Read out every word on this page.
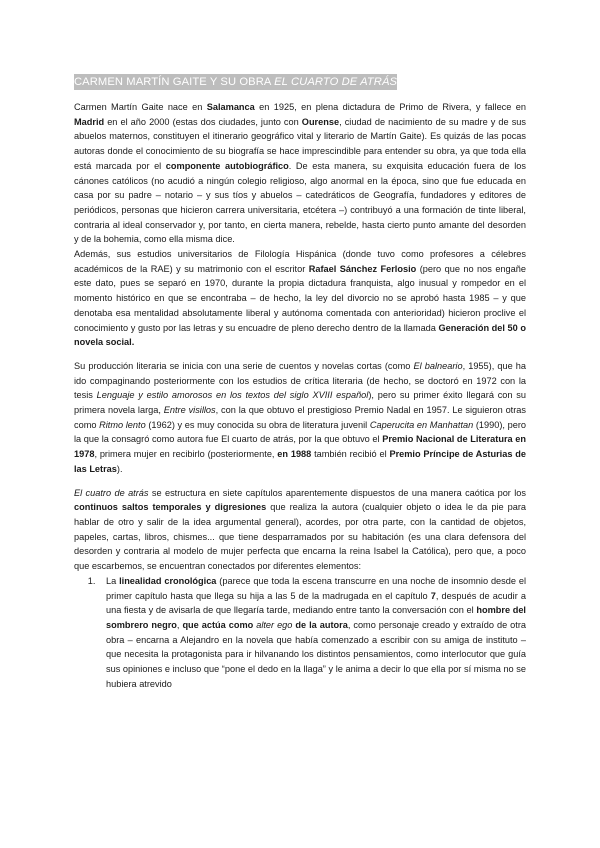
CARMEN MARTÍN GAITE Y SU OBRA EL CUARTO DE ATRÁS

Carmen Martín Gaite nace en Salamanca en 1925, en plena dictadura de Primo de Rivera, y fallece en Madrid en el año 2000 (estas dos ciudades, junto con Ourense, ciudad de nacimiento de su madre y de sus abuelos maternos, constituyen el itinerario geográfico vital y literario de Martín Gaite). Es quizás de las pocas autoras donde el conocimiento de su biografía se hace imprescindible para entender su obra, ya que toda ella está marcada por el componente autobiográfico. De esta manera, su exquisita educación fuera de los cánones católicos (no acudió a ningún colegio religioso, algo anormal en la época, sino que fue educada en casa por su padre – notario – y sus tíos y abuelos – catedráticos de Geografía, fundadores y editores de periódicos, personas que hicieron carrera universitaria, etcétera –) contribuyó a una formación de tinte liberal, contraria al ideal conservador y, por tanto, en cierta manera, rebelde, hasta cierto punto amante del desorden y de la bohemia, como ella misma dice.

Además, sus estudios universitarios de Filología Hispánica (donde tuvo como profesores a célebres académicos de la RAE) y su matrimonio con el escritor Rafael Sánchez Ferlosio (pero que no nos engañe este dato, pues se separó en 1970, durante la propia dictadura franquista, algo inusual y rompedor en el momento histórico en que se encontraba – de hecho, la ley del divorcio no se aprobó hasta 1985 – y que denotaba esa mentalidad absolutamente liberal y autónoma comentada con anterioridad) hicieron proclive el conocimiento y gusto por las letras y su encuadre de pleno derecho dentro de la llamada Generación del 50 o novela social.

Su producción literaria se inicia con una serie de cuentos y novelas cortas (como El balneario, 1955), que ha ido compaginando posteriormente con los estudios de crítica literaria (de hecho, se doctoró en 1972 con la tesis Lenguaje y estilo amorosos en los textos del siglo XVIII español), pero su primer éxito llegará con su primera novela larga, Entre visillos, con la que obtuvo el prestigioso Premio Nadal en 1957. Le siguieron otras como Ritmo lento (1962) y es muy conocida su obra de literatura juvenil Caperucita en Manhattan (1990), pero la que la consagró como autora fue El cuarto de atrás, por la que obtuvo el Premio Nacional de Literatura en 1978, primera mujer en recibirlo (posteriormente, en 1988 también recibió el Premio Príncipe de Asturias de las Letras).

El cuatro de atrás se estructura en siete capítulos aparentemente dispuestos de una manera caótica por los continuos saltos temporales y digresiones que realiza la autora (cualquier objeto o idea le da pie para hablar de otro y salir de la idea argumental general), acordes, por otra parte, con la cantidad de objetos, papeles, cartas, libros, chismes... que tiene desparramados por su habitación (es una clara defensora del desorden y contraria al modelo de mujer perfecta que encarna la reina Isabel la Católica), pero que, a poco que escarbemos, se encuentran conectados por diferentes elementos:

1. La linealidad cronológica (parece que toda la escena transcurre en una noche de insomnio desde el primer capítulo hasta que llega su hija a las 5 de la madrugada en el capítulo 7, después de acudir a una fiesta y de avisarla de que llegaría tarde, mediando entre tanto la conversación con el hombre del sombrero negro, que actúa como alter ego de la autora, como personaje creado y extraído de otra obra – encarna a Alejandro en la novela que había comenzado a escribir con su amiga de instituto – que necesita la protagonista para ir hilvanando los distintos pensamientos, como interlocutor que guía sus opiniones e incluso que “pone el dedo en la llaga” y le anima a decir lo que ella por sí misma no se hubiera atrevido
